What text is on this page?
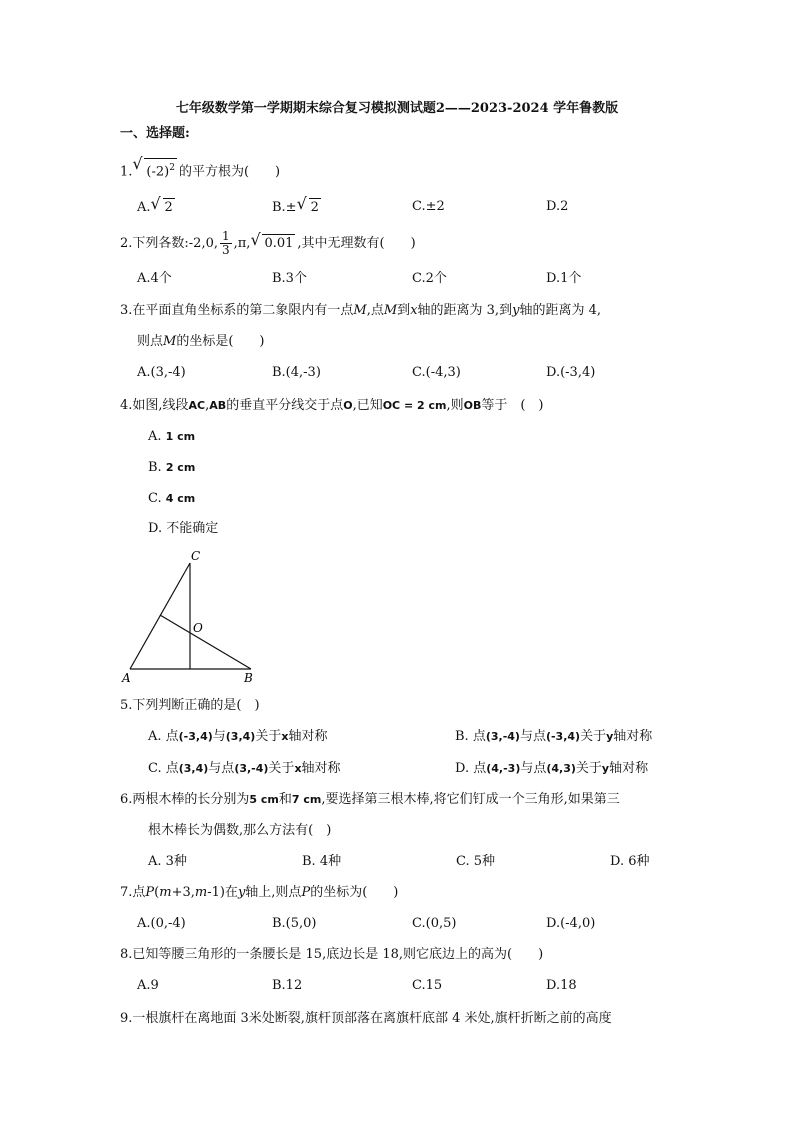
七年级数学第一学期期末综合复习模拟测试题2——2023-2024 学年鲁教版
一、选择题:
1. √ $(-2)^2$ 的平方根为(　　)
A. √ 2	B.± √ 2	C.±2	D.2
2.下列各数:-2,0, $\frac{1}{3} ,\pi$, √ 0.01 ,其中无理数有(　　)
A.4个	B.3个	C.2个	D.1个
3.在平面直角坐标系的第二象限内有一点M,点M到x轴的距离为 3,到y轴的距离为 4,
则点M的坐标是(　　)
A.(3,-4)	B.(4,-3)	C.(-4,3)	D.(-3,4)
4.如图,线段AC,AB的垂直平分线交于点O,已知OC = 2 cm,则OB等于　(　)
A. 1 cm
B. 2 cm
C. 4 cm
D. 不能确定
C
O
A	B
5.下列判断正确的是(　)
A. 点(-3,4)与(3,4)关于x轴对称	B. 点(3,-4)与点(-3,4)关于y轴对称
C. 点(3,4)与点(3,-4)关于x轴对称	D. 点(4,-3)与点(4,3)关于y轴对称
6.两根木棒的长分别为5 cm和7 cm,要选择第三根木棒,将它们钉成一个三角形,如果第三
根木棒长为偶数,那么方法有(　)
A. 3种	B. 4种	C. 5种	D. 6种
7.点P(m+3,m-1)在y轴上,则点P的坐标为(　　)
A.(0,-4)	B.(5,0)	C.(0,5)	D.(-4,0)
8.已知等腰三角形的一条腰长是 15,底边长是 18,则它底边上的高为(　　)
A.9	B.12	C.15	D.18
9.一根旗杆在离地面 3米处断裂,旗杆顶部落在离旗杆底部 4 米处,旗杆折断之前的高度
